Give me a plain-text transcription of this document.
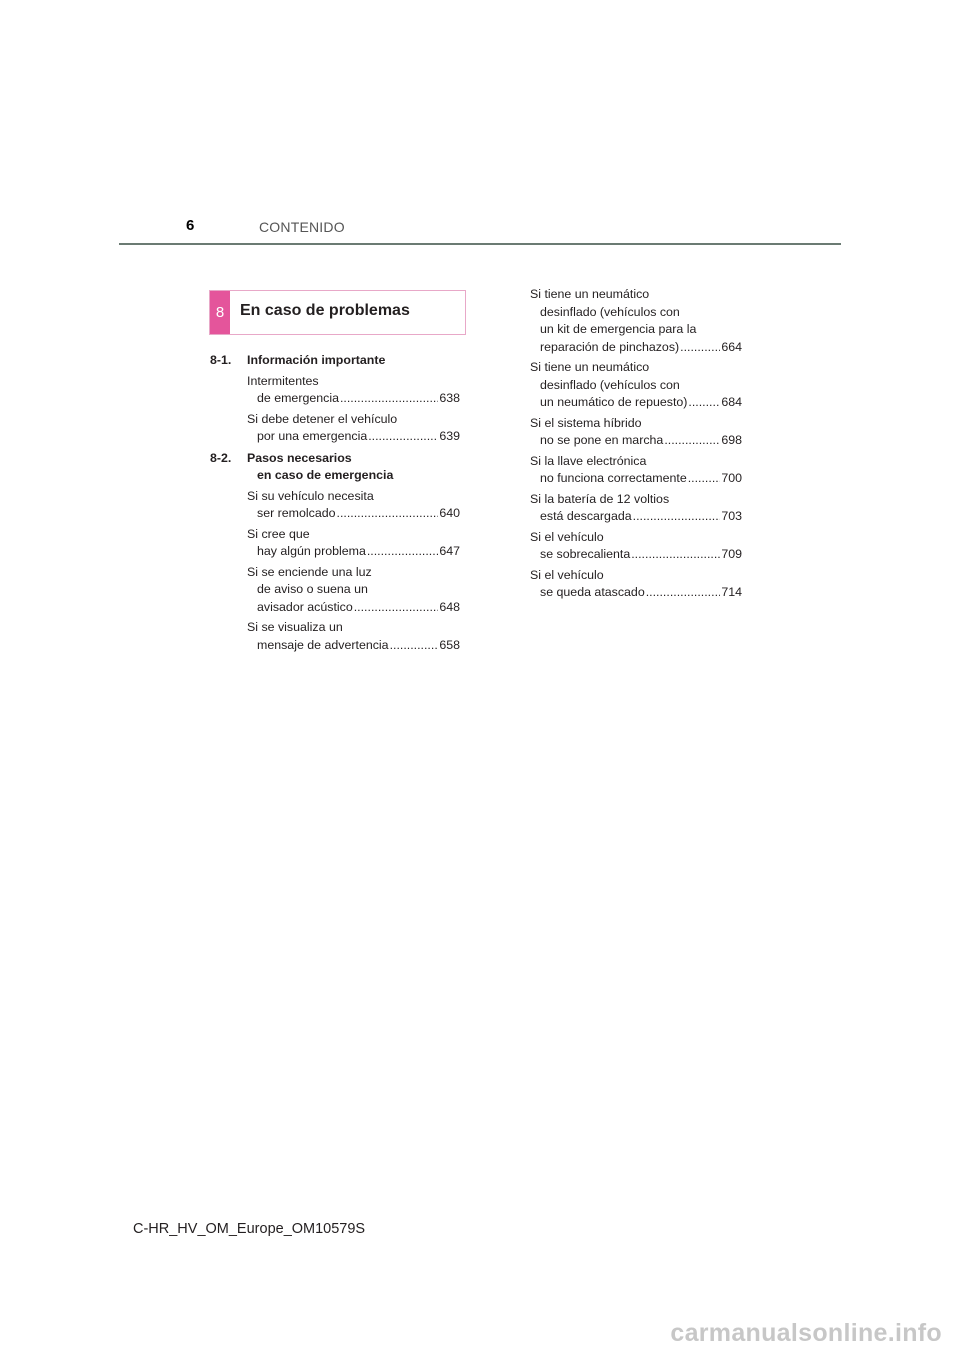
6	CONTENIDO
8 En caso de problemas
8-1.	Información importante
Intermitentes
de emergencia .....	638
Si debe detener el vehículo
por una emergencia .....	639
8-2.	Pasos necesarios
en caso de emergencia
Si su vehículo necesita
ser remolcado .....	640
Si cree que
hay algún problema .....	647
Si se enciende una luz
de aviso o suena un
avisador acústico .....	648
Si se visualiza un
mensaje de advertencia .....	658
Si tiene un neumático
desinflado (vehículos con
un kit de emergencia para la
reparación de pinchazos) .....	664
Si tiene un neumático
desinflado (vehículos con
un neumático de repuesto) .....	684
Si el sistema híbrido
no se pone en marcha .....	698
Si la llave electrónica
no funciona correctamente .....	700
Si la batería de 12 voltios
está descargada .....	703
Si el vehículo
se sobrecalienta .....	709
Si el vehículo
se queda atascado .....	714
C-HR_HV_OM_Europe_OM10579S
carmanualsonline.info
